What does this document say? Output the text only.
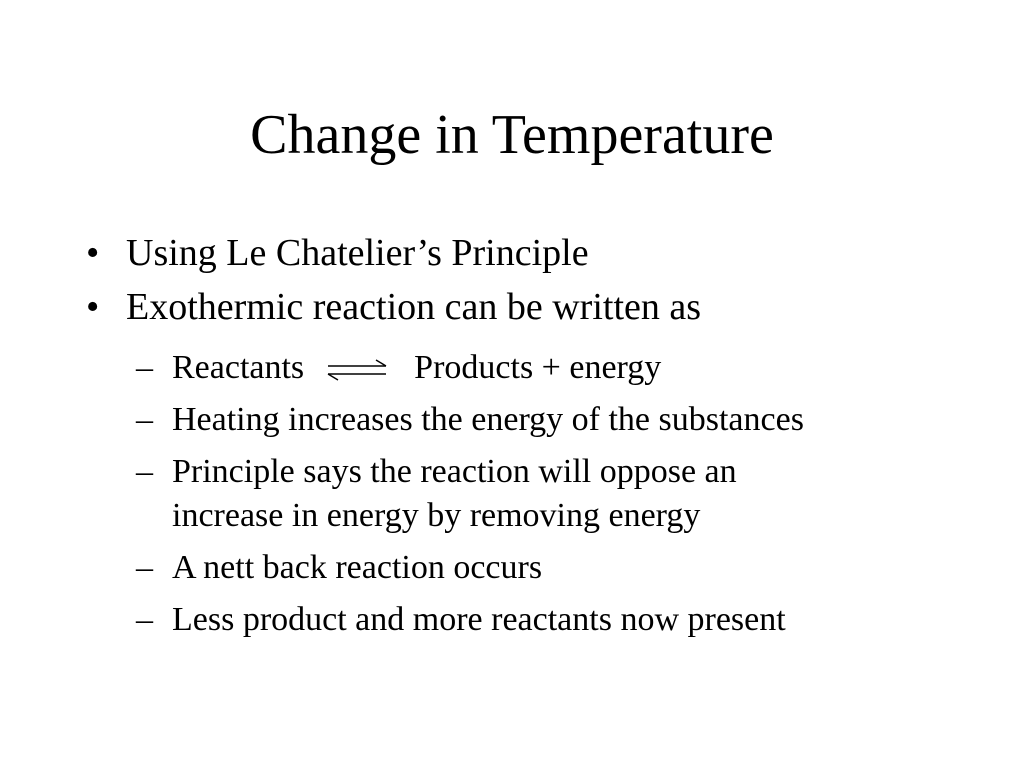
Change in Temperature
• Using Le Chatelier’s Principle
• Exothermic reaction can be written as
– Reactants ⇌ Products + energy
– Heating increases the energy of the substances
– Principle says the reaction will oppose an increase in energy by removing energy
– A nett back reaction occurs
– Less product and more reactants now present
